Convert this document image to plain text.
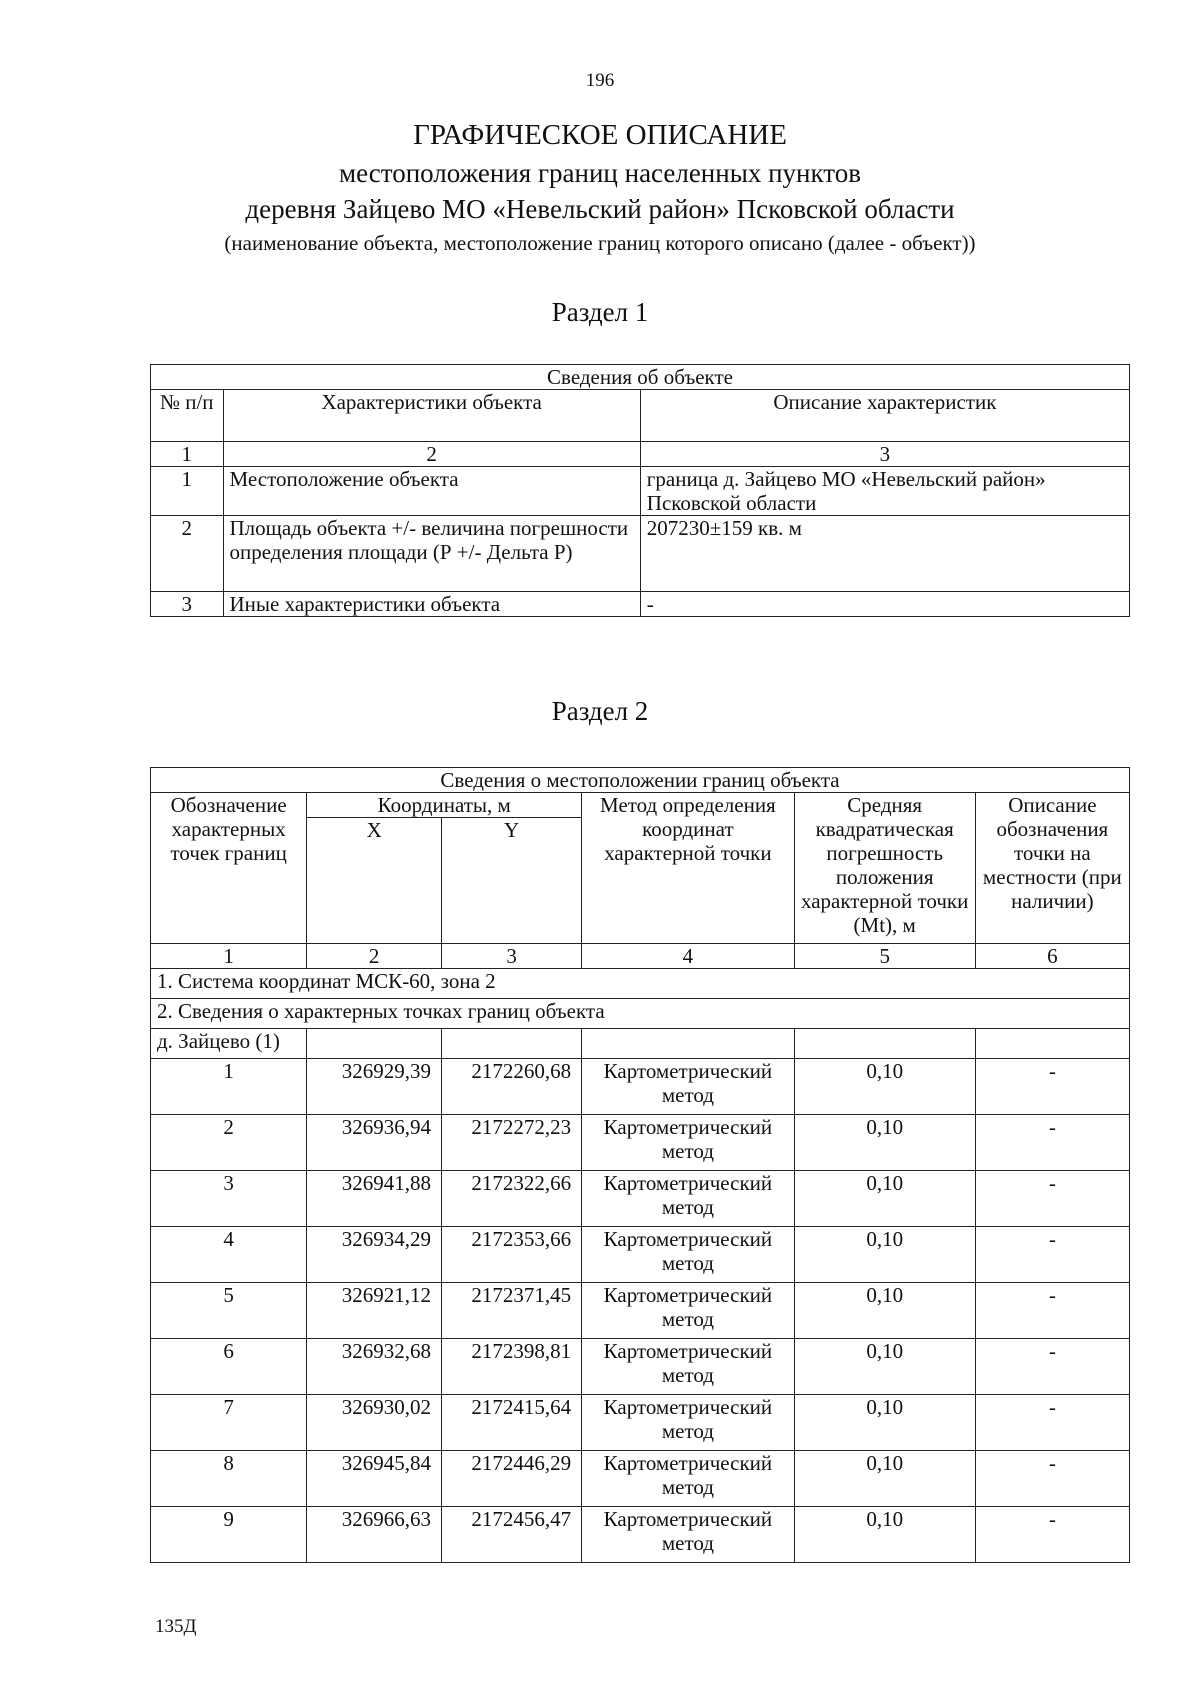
196
ГРАФИЧЕСКОЕ ОПИСАНИЕ
местоположения границ населенных пунктов
деревня Зайцево МО «Невельский район» Псковской области
(наименование объекта, местоположение границ которого описано (далее - объект))
Раздел 1
Сведения об объекте		
№ п/п	Характеристики объекта	Описание характеристик
1	2	3
1	Местоположение объекта	граница д. Зайцево МО «Невельский район» Псковской области
2	Площадь объекта +/- величина погрешности определения площади (Р +/- Дельта Р)	207230±159 кв. м
3	Иные характеристики объекта	-
Раздел 2
Сведения о местоположении границ объекта					
Обозначение характерных точек границ	Координаты, м		Метод определения координат характерной точки	Средняя квадратическая погрешность положения характерной точки (Mt), м	Описание обозначения точки на местности (при наличии)
	X	Y			
1	2	3	4	5	6
1. Система координат МСК-60, зона 2					
2. Сведения о характерных точках границ объекта					
д. Зайцево (1)					
1	326929,39	2172260,68	Картометрический метод	0,10	-
2	326936,94	2172272,23	Картометрический метод	0,10	-
3	326941,88	2172322,66	Картометрический метод	0,10	-
4	326934,29	2172353,66	Картометрический метод	0,10	-
5	326921,12	2172371,45	Картометрический метод	0,10	-
6	326932,68	2172398,81	Картометрический метод	0,10	-
7	326930,02	2172415,64	Картометрический метод	0,10	-
8	326945,84	2172446,29	Картометрический метод	0,10	-
9	326966,63	2172456,47	Картометрический метод	0,10	-
135Д
